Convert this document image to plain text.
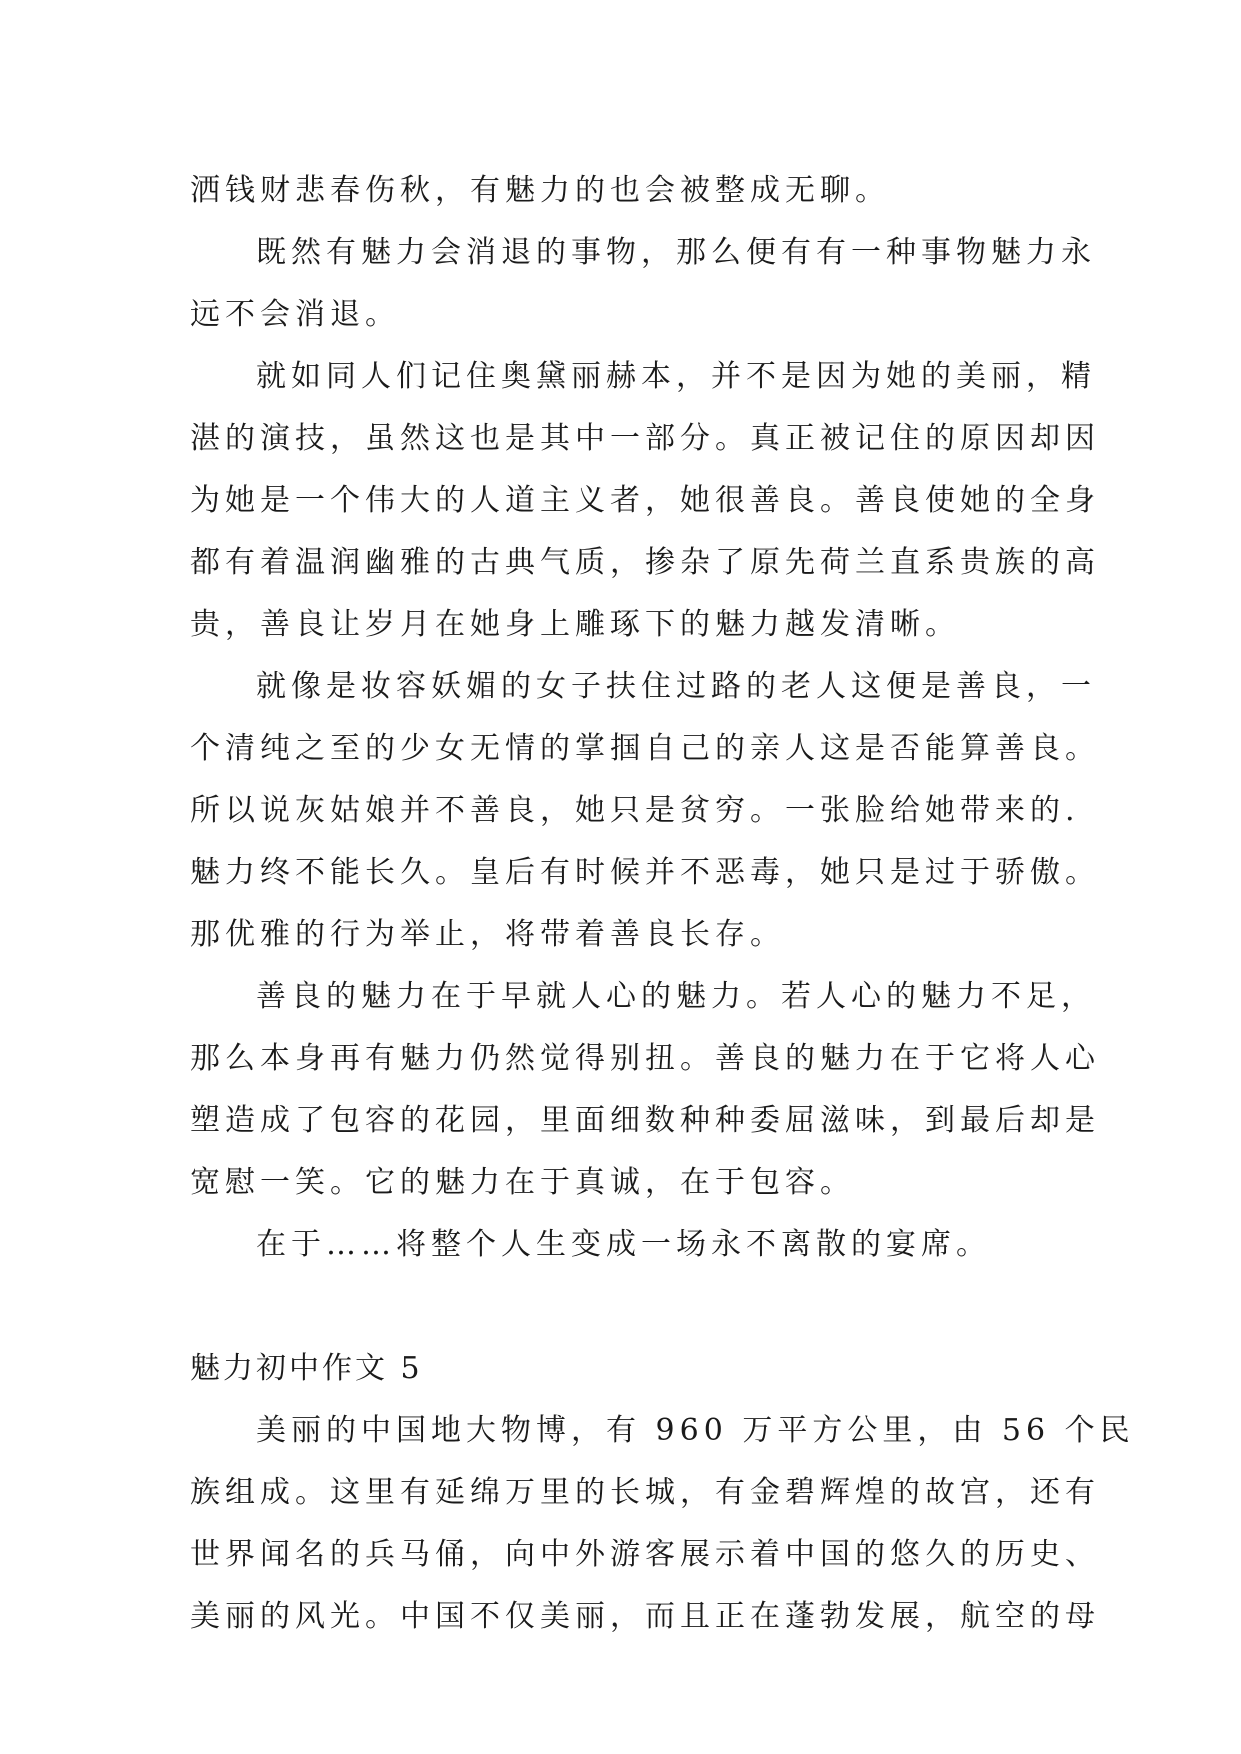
洒钱财悲春伤秋，有魅力的也会被整成无聊。
既然有魅力会消退的事物，那么便有有一种事物魅力永
远不会消退。
就如同人们记住奥黛丽赫本，并不是因为她的美丽，精
湛的演技，虽然这也是其中一部分。真正被记住的原因却因
为她是一个伟大的人道主义者，她很善良。善良使她的全身
都有着温润幽雅的古典气质，掺杂了原先荷兰直系贵族的高
贵，善良让岁月在她身上雕琢下的魅力越发清晰。
就像是妆容妖媚的女子扶住过路的老人这便是善良，一
个清纯之至的少女无情的掌掴自己的亲人这是否能算善良。
所以说灰姑娘并不善良，她只是贫穷。一张脸给她带来的.
魅力终不能长久。皇后有时候并不恶毒，她只是过于骄傲。
那优雅的行为举止，将带着善良长存。
善良的魅力在于早就人心的魅力。若人心的魅力不足，
那么本身再有魅力仍然觉得别扭。善良的魅力在于它将人心
塑造成了包容的花园，里面细数种种委屈滋味，到最后却是
宽慰一笑。它的魅力在于真诚，在于包容。
在于……将整个人生变成一场永不离散的宴席。
魅力初中作文 5
美丽的中国地大物博，有 960 万平方公里，由 56 个民
族组成。这里有延绵万里的长城，有金碧辉煌的故宫，还有
世界闻名的兵马俑，向中外游客展示着中国的悠久的历史、
美丽的风光。中国不仅美丽，而且正在蓬勃发展，航空的母
